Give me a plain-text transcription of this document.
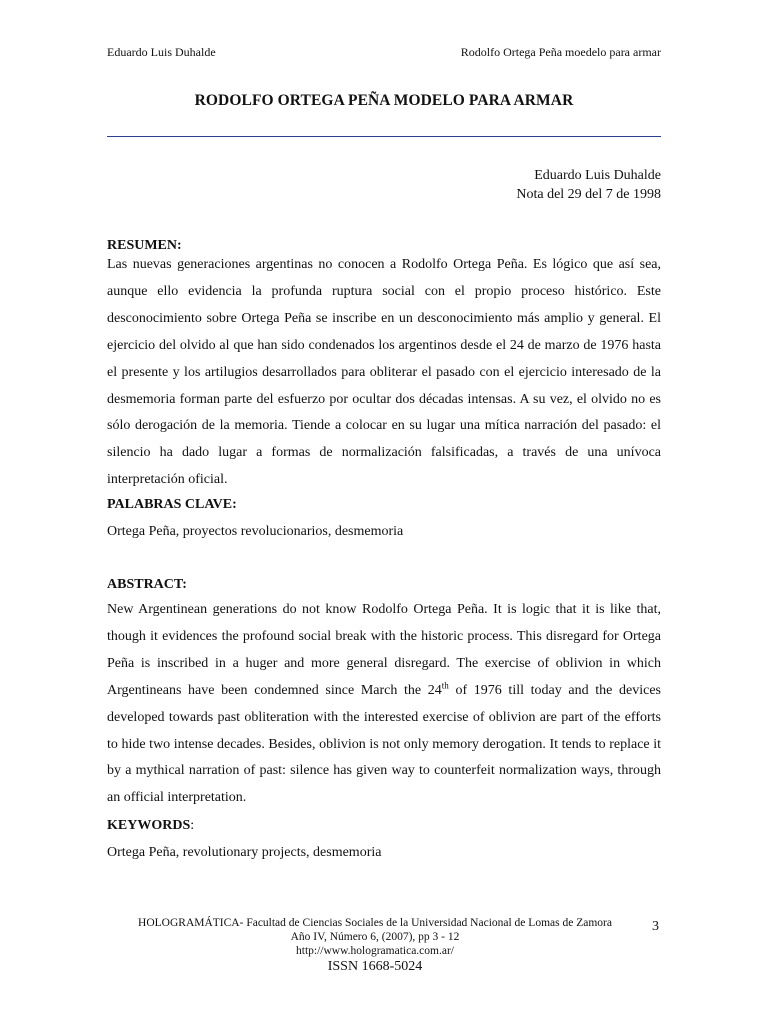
Eduardo Luis Duhalde	Rodolfo Ortega Peña moedelo para armar
RODOLFO ORTEGA PEÑA MODELO PARA ARMAR
Eduardo Luis Duhalde
Nota del 29 del 7 de 1998
RESUMEN:
Las nuevas generaciones argentinas no conocen a Rodolfo Ortega Peña. Es lógico que así sea, aunque ello evidencia la profunda ruptura social con el propio proceso histórico. Este desconocimiento sobre Ortega Peña se inscribe en un desconocimiento más amplio y general. El ejercicio del olvido al que han sido condenados los argentinos desde el 24 de marzo de 1976 hasta el presente y los artilugios desarrollados para obliterar el pasado con el ejercicio interesado de la desmemoria forman parte del esfuerzo por ocultar dos décadas intensas. A su vez, el olvido no es sólo derogación de la memoria. Tiende a colocar en su lugar una mítica narración del pasado: el silencio ha dado lugar a formas de normalización falsificadas, a través de una unívoca interpretación oficial.
PALABRAS CLAVE:
Ortega Peña, proyectos revolucionarios, desmemoria
ABSTRACT:
New Argentinean generations do not know Rodolfo Ortega Peña. It is logic that it is like that, though it evidences the profound social break with the historic process. This disregard for Ortega Peña is inscribed in a huger and more general disregard. The exercise of oblivion in which Argentineans have been condemned since March the 24th of 1976 till today and the devices developed towards past obliteration with the interested exercise of oblivion are part of the efforts to hide two intense decades. Besides, oblivion is not only memory derogation. It tends to replace it by a mythical narration of past: silence has given way to counterfeit normalization ways, through an official interpretation.
KEYWORDS:
Ortega Peña, revolutionary projects, desmemoria
HOLOGRAMÁTICA- Facultad de Ciencias Sociales de la Universidad Nacional de Lomas de Zamora
Año IV, Número 6, (2007), pp 3 - 12
http://www.hologramatica.com.ar/
ISSN 1668-5024
3
